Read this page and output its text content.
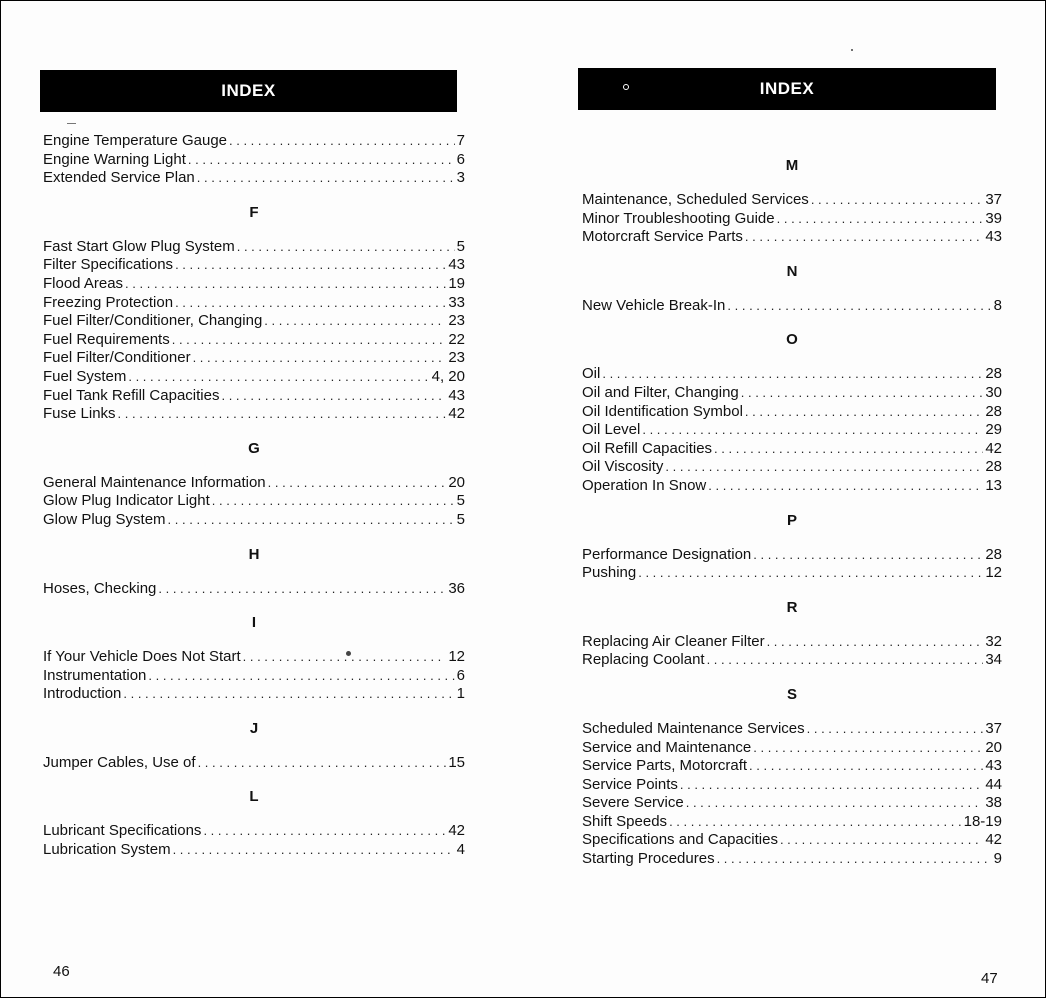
INDEX
Engine Temperature Gauge . . .	7
Engine Warning Light . . .	6
Extended Service Plan . . .	3
F
Fast Start Glow Plug System . . .	5
Filter Specifications . . .	43
Flood Areas . . .	19
Freezing Protection . . .	33
Fuel Filter/Conditioner, Changing . . .	23
Fuel Requirements . . .	22
Fuel Filter/Conditioner . . .	23
Fuel System . . .	4, 20
Fuel Tank Refill Capacities . . .	43
Fuse Links . . .	42
G
General Maintenance Information . . .	20
Glow Plug Indicator Light . . .	5
Glow Plug System . . .	5
H
Hoses, Checking . . .	36
I
If Your Vehicle Does Not Start . . .	12
Instrumentation . . .	6
Introduction . . .	1
J
Jumper Cables, Use of . . .	15
L
Lubricant Specifications . . .	42
Lubrication System . . .	4
46
INDEX
M
Maintenance, Scheduled Services . . .	37
Minor Troubleshooting Guide . . .	39
Motorcraft Service Parts . . .	43
N
New Vehicle Break-In . . .	8
O
Oil . . .	28
Oil and Filter, Changing . . .	30
Oil Identification Symbol . . .	28
Oil Level . . .	29
Oil Refill Capacities . . .	42
Oil Viscosity . . .	28
Operation In Snow . . .	13
P
Performance Designation . . .	28
Pushing . . .	12
R
Replacing Air Cleaner Filter . . .	32
Replacing Coolant . . .	34
S
Scheduled Maintenance Services . . .	37
Service and Maintenance . . .	20
Service Parts, Motorcraft . . .	43
Service Points . . .	44
Severe Service . . .	38
Shift Speeds . . .	18-19
Specifications and Capacities . . .	42
Starting Procedures . . .	9
47
